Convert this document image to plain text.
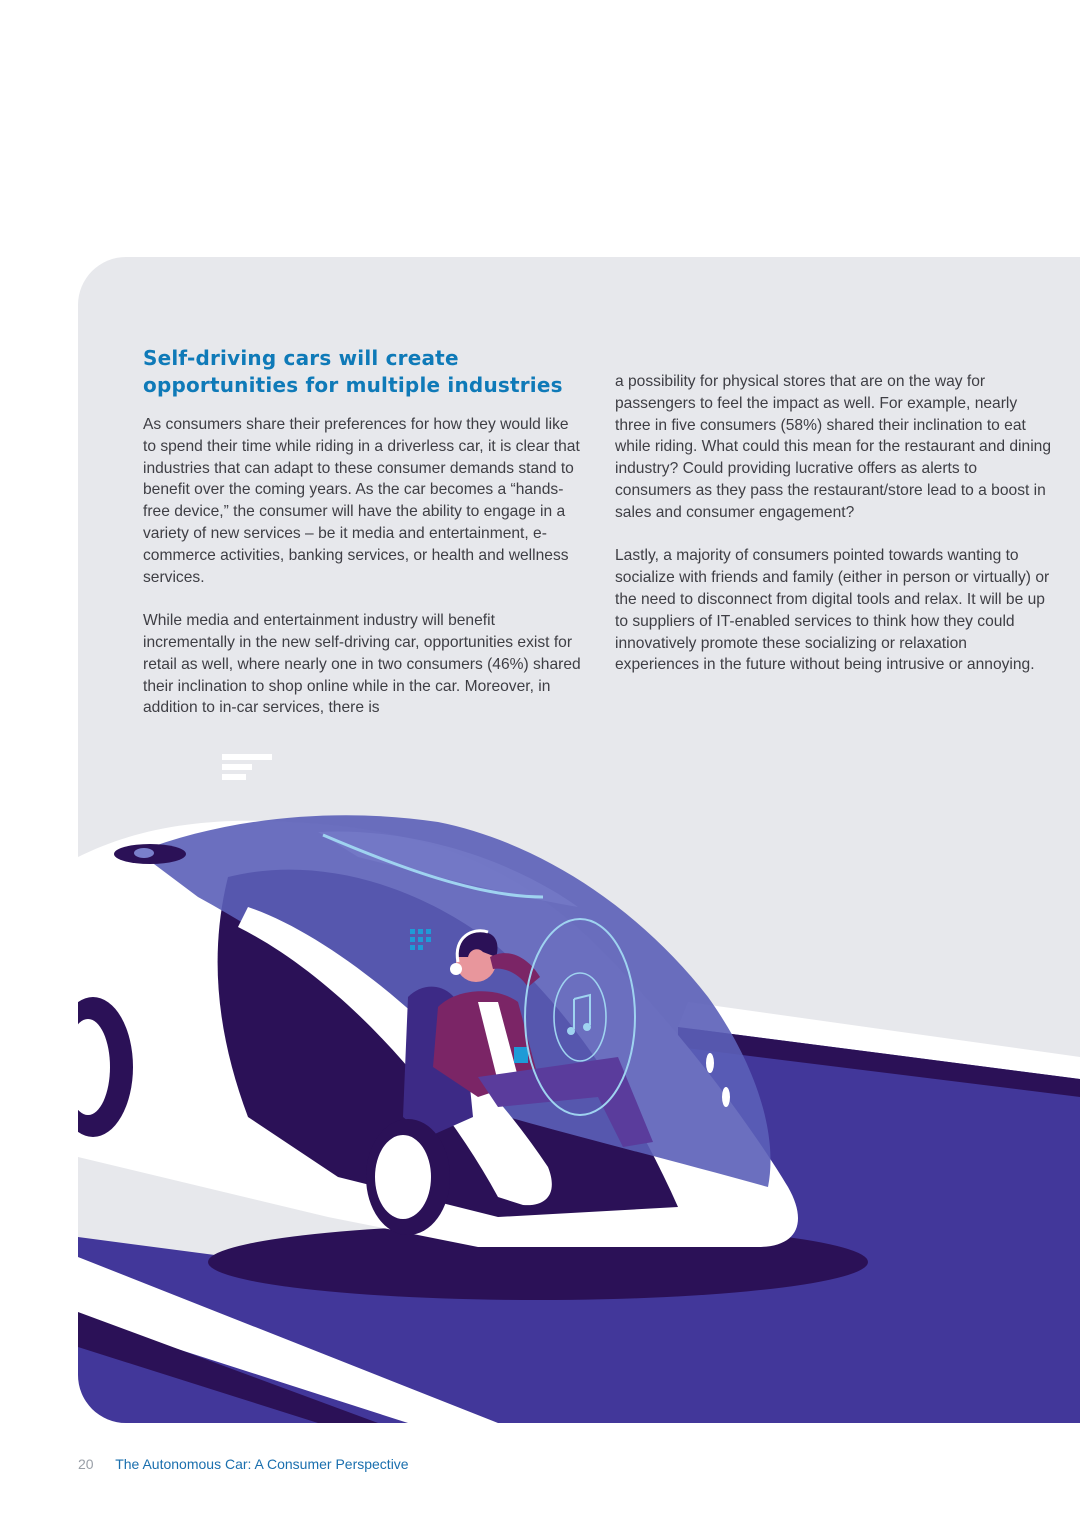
Self-driving cars will create
opportunities for multiple industries

As consumers share their preferences for how they would like to spend their time while riding in a driverless car, it is clear that industries that can adapt to these consumer demands stand to benefit over the coming years. As the car becomes a “hands-free device,” the consumer will have the ability to engage in a variety of new services – be it media and entertainment, e-commerce activities, banking services, or health and wellness services.

While media and entertainment industry will benefit incrementally in the new self-driving car, opportunities exist for retail as well, where nearly one in two consumers (46%) shared their inclination to shop online while in the car. Moreover, in addition to in-car services, there is

a possibility for physical stores that are on the way for passengers to feel the impact as well. For example, nearly three in five consumers (58%) shared their inclination to eat while riding. What could this mean for the restaurant and dining industry? Could providing lucrative offers as alerts to consumers as they pass the restaurant/store lead to a boost in sales and consumer engagement?

Lastly, a majority of consumers pointed towards wanting to socialize with friends and family (either in person or virtually) or the need to disconnect from digital tools and relax. It will be up to suppliers of IT-enabled services to think how they could innovatively promote these socializing or relaxation experiences in the future without being intrusive or annoying.

20 The Autonomous Car: A Consumer Perspective
